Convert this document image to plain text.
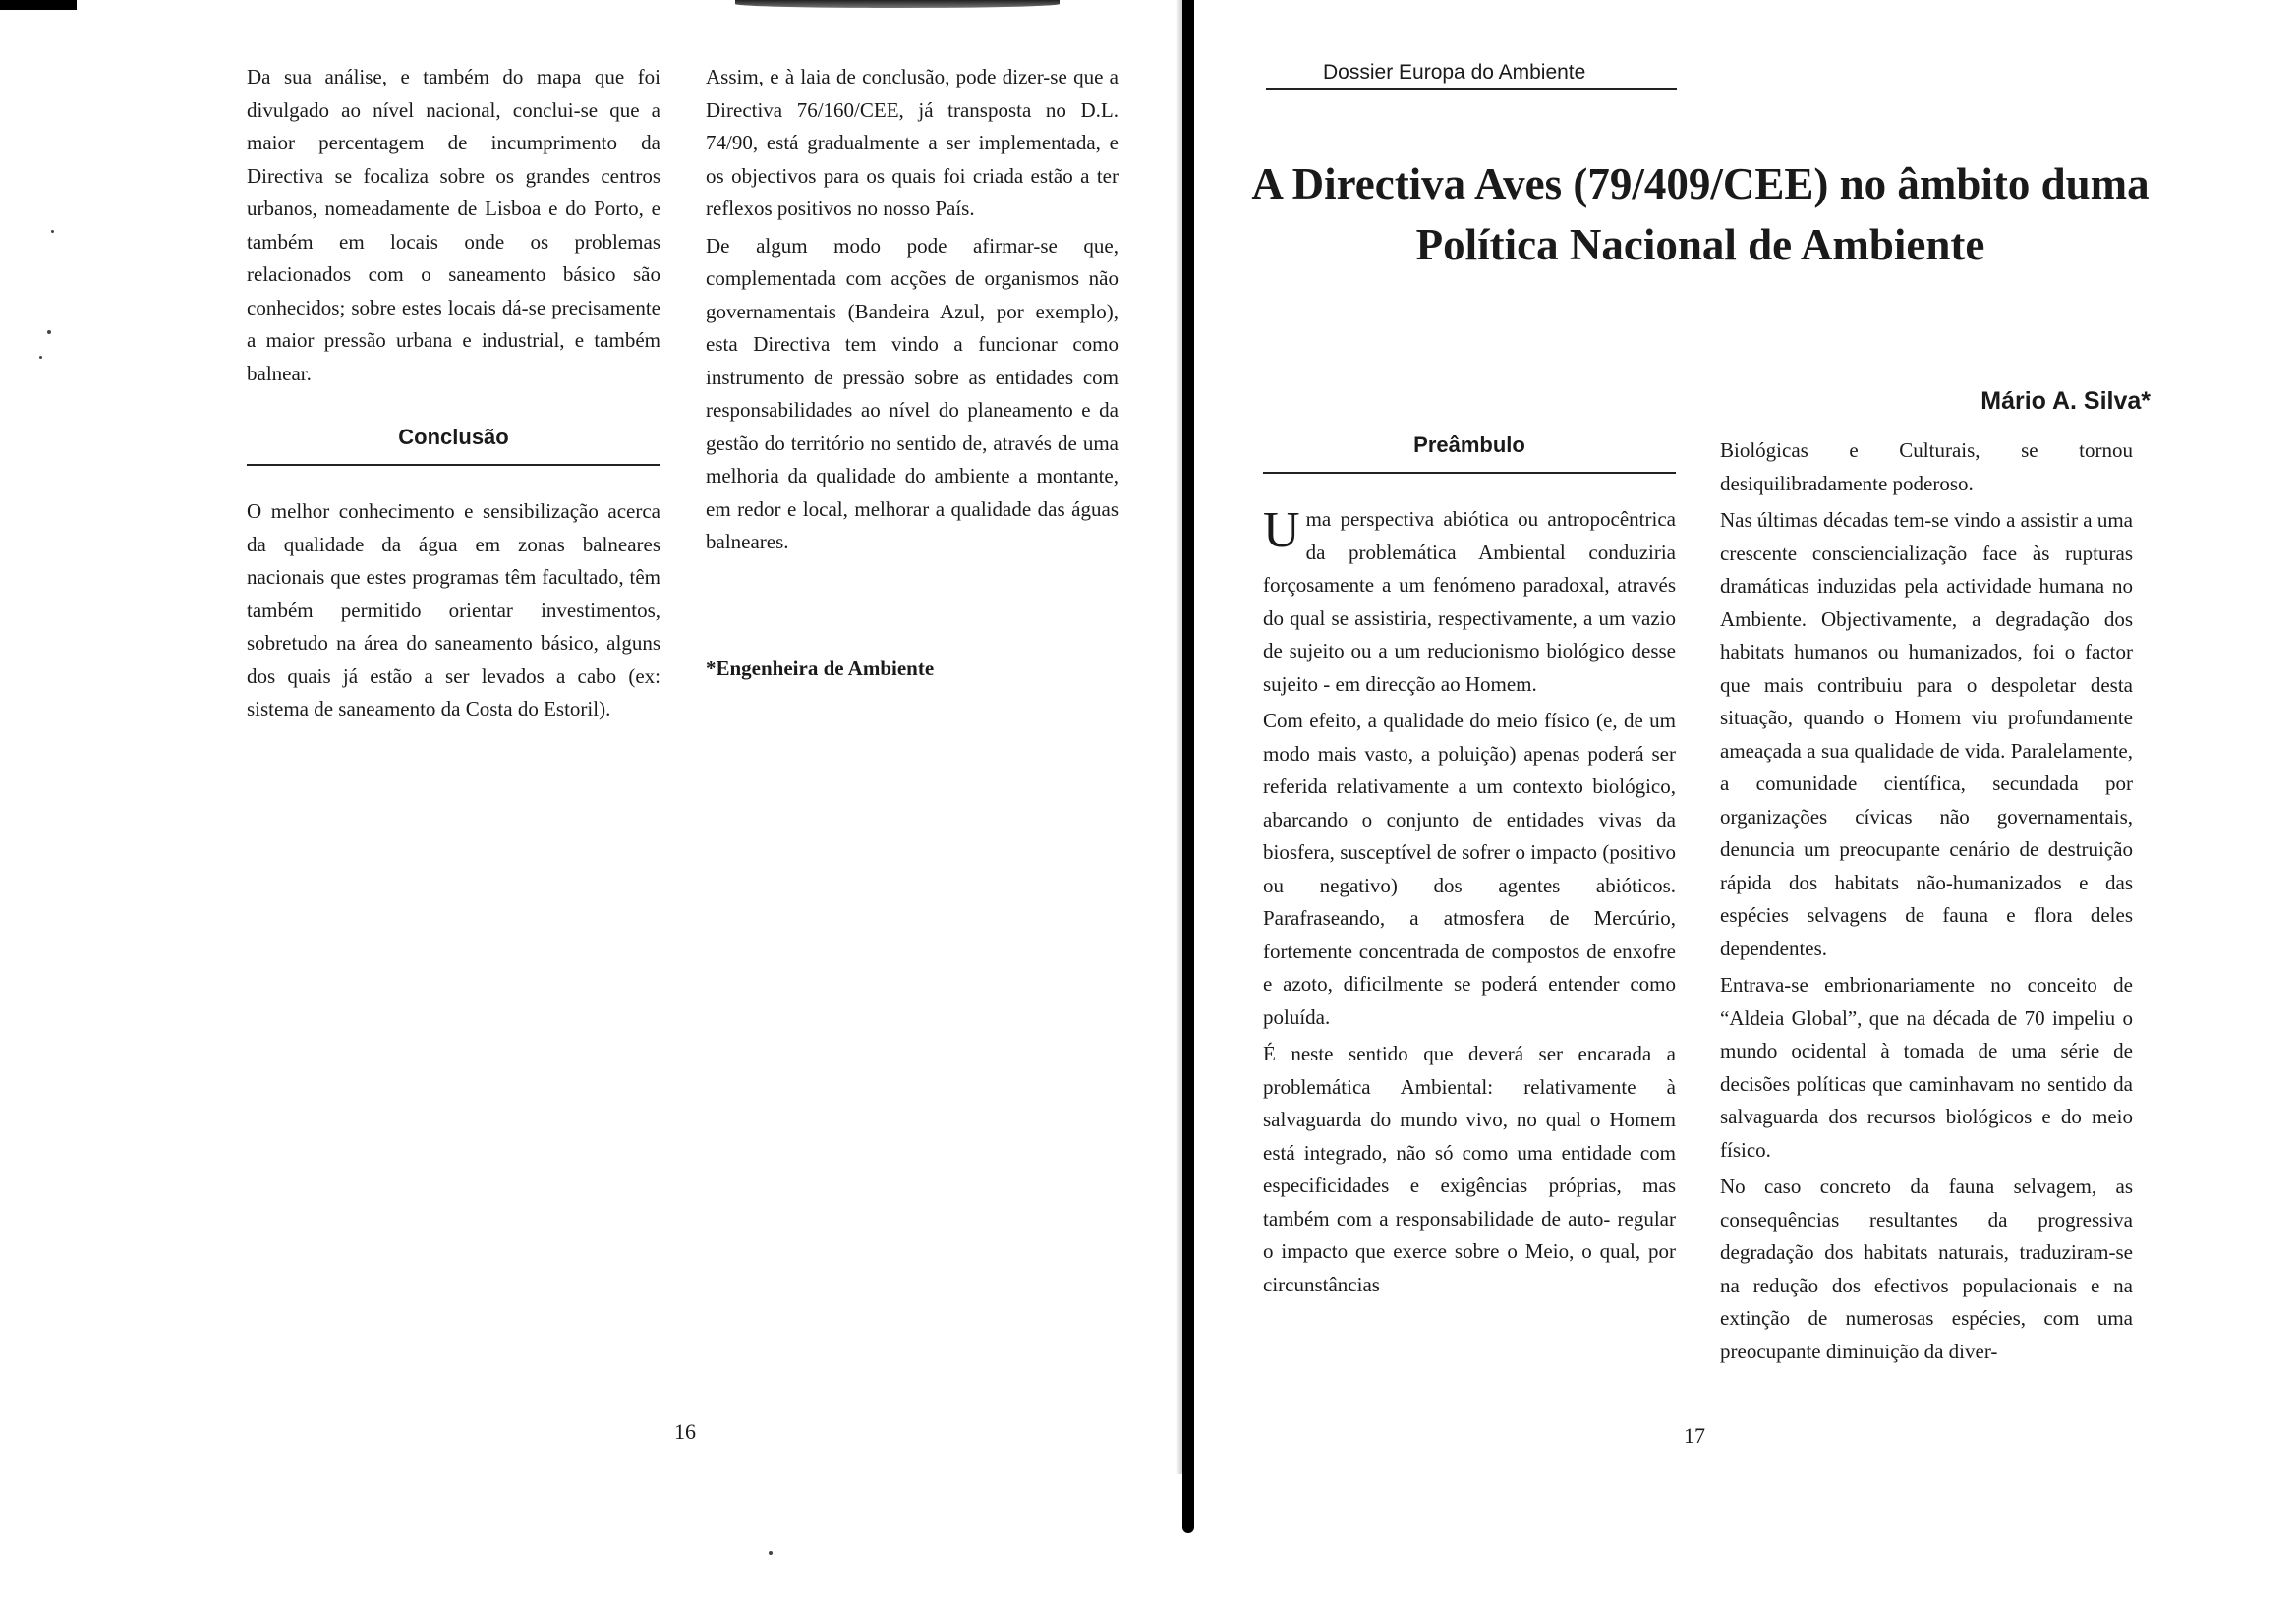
Da sua análise, e também do mapa que foi divulgado ao nível nacional, conclui-se que a maior percentagem de incumprimento da Directiva se focaliza sobre os grandes centros urbanos, nomeadamente de Lisboa e do Porto, e também em locais onde os problemas relacionados com o saneamento básico são conhecidos; sobre estes locais dá-se precisamente a maior pressão urbana e industrial, e também balnear.

Conclusão

O melhor conhecimento e sensibilização acerca da qualidade da água em zonas balneares nacionais que estes programas têm facultado, têm também permitido orientar investimentos, sobretudo na área do saneamento básico, alguns dos quais já estão a ser levados a cabo (ex: sistema de saneamento da Costa do Estoril).

Assim, e à laia de conclusão, pode dizer-se que a Directiva 76/160/CEE, já transposta no D.L. 74/90, está gradualmente a ser implementada, e os objectivos para os quais foi criada estão a ter reflexos positivos no nosso País.

De algum modo pode afirmar-se que, complementada com acções de organismos não governamentais (Bandeira Azul, por exemplo), esta Directiva tem vindo a funcionar como instrumento de pressão sobre as entidades com responsabilidades ao nível do planeamento e da gestão do território no sentido de, através de uma melhoria da qualidade do ambiente a montante, em redor e local, melhorar a qualidade das águas balneares.

*Engenheira de Ambiente
16
Dossier Europa do Ambiente
A Directiva Aves (79/409/CEE) no âmbito duma Política Nacional de Ambiente
Mário A. Silva*
Preâmbulo

Uma perspectiva abiótica ou antropocêntrica da problemática Ambiental conduziria forçosamente a um fenómeno paradoxal, através do qual se assistiria, respectivamente, a um vazio de sujeito ou a um reducionismo biológico desse sujeito - em direcção ao Homem.

Com efeito, a qualidade do meio físico (e, de um modo mais vasto, a poluição) apenas poderá ser referida relativamente a um contexto biológico, abarcando o conjunto de entidades vivas da biosfera, susceptível de sofrer o impacto (positivo ou negativo) dos agentes abióticos. Parafraseando, a atmosfera de Mercúrio, fortemente concentrada de compostos de enxofre e azoto, dificilmente se poderá entender como poluída.

É neste sentido que deverá ser encarada a problemática Ambiental: relativamente à salvaguarda do mundo vivo, no qual o Homem está integrado, não só como uma entidade com especificidades e exigências próprias, mas também com a responsabilidade de auto- regular o impacto que exerce sobre o Meio, o qual, por circunstâncias

Biológicas e Culturais, se tornou desiquilibradamente poderoso.

Nas últimas décadas tem-se vindo a assistir a uma crescente consciencialização face às rupturas dramáticas induzidas pela actividade humana no Ambiente. Objectivamente, a degradação dos habitats humanos ou humanizados, foi o factor que mais contribuiu para o despoletar desta situação, quando o Homem viu profundamente ameaçada a sua qualidade de vida. Paralelamente, a comunidade científica, secundada por organizações cívicas não governamentais, denuncia um preocupante cenário de destruição rápida dos habitats não-humanizados e das espécies selvagens de fauna e flora deles dependentes.

Entrava-se embrionariamente no conceito de “Aldeia Global”, que na década de 70 impeliu o mundo ocidental à tomada de uma série de decisões políticas que caminhavam no sentido da salvaguarda dos recursos biológicos e do meio físico.

No caso concreto da fauna selvagem, as consequências resultantes da progressiva degradação dos habitats naturais, traduziram-se na redução dos efectivos populacionais e na extinção de numerosas espécies, com uma preocupante diminuição da diver-

17
